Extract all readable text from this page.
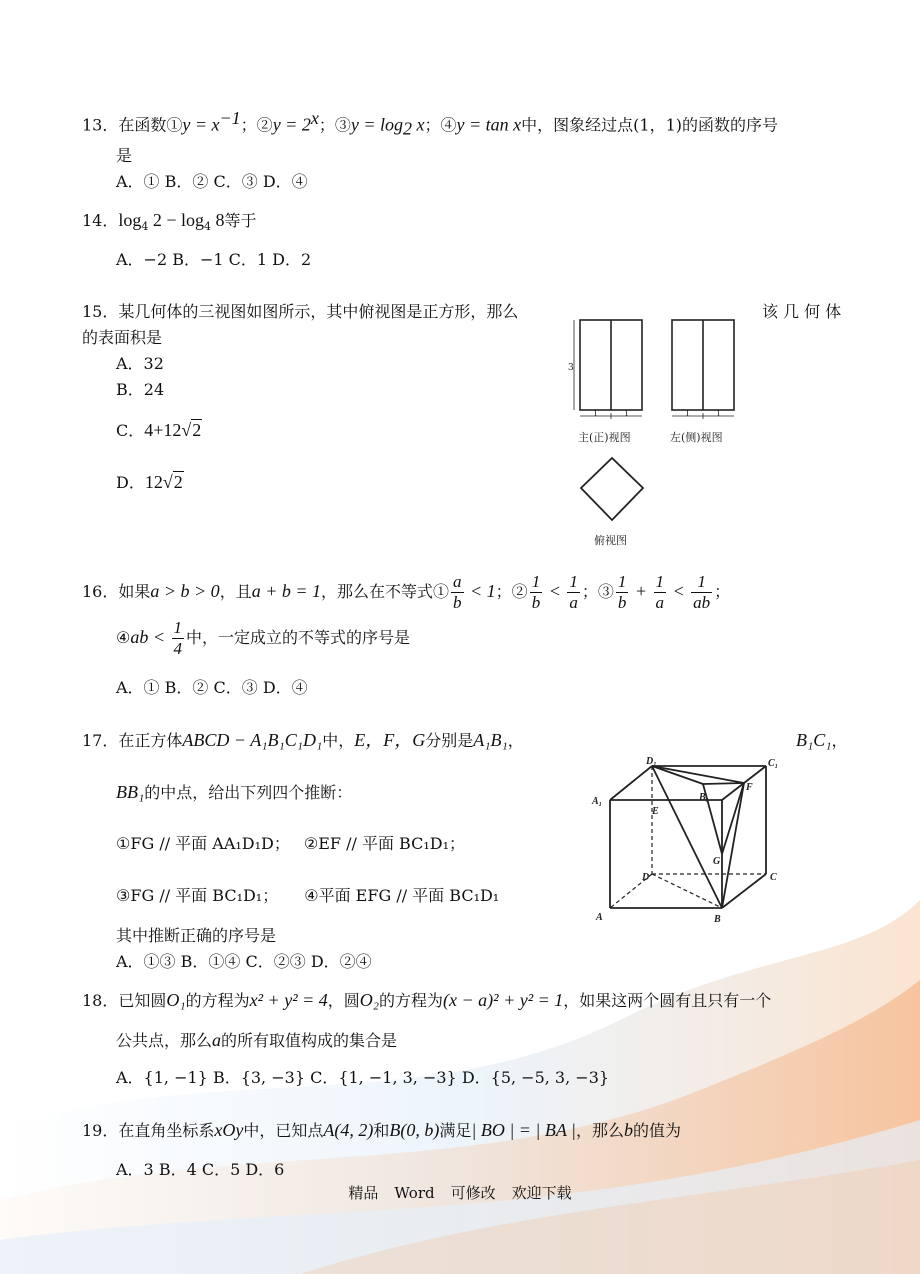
13．在函数①y = $x^{-1}$；②y = $2^x$；③y = $\log_2 x$；④y = tan x中，图象经过点(1，1)的函数的序号
是
A．① B．② C．③ D．④
14．$\log_4 2 - \log_4 8$等于
A．−2 B．−1 C．1 D．2
15．某几何体的三视图如图所示，其中俯视图是正方形，那么	该 几 何 体
的表面积是
A．32
B．24
C．4+12√2
D．12√2
3
1	1
主(正)视图
1	1
左(侧)视图
俯视图
16．如果a > b > 0，且a + b = 1，那么在不等式① $\frac{a}{b} < 1$；② $\frac{1}{b} < \frac{1}{a}$ ；③ $\frac{1}{b} + \frac{1}{a} < \frac{1}{ab}$ ；
④ab < $\frac{1}{4}$ 中，一定成立的不等式的序号是
A．① B．② C．③ D．④
17．在正方体ABCD − A₁B₁C₁D₁中，E，F，G分别是A₁B₁，	B₁C₁，
BB₁的中点，给出下列四个推断：
①FG // 平面 AA₁D₁D； ②EF // 平面 BC₁D₁；
③FG // 平面 BC₁D₁； ④平面 EFG // 平面 BC₁D₁
其中推断正确的序号是
A．①③ B．①④ C．②③ D．②④
D₁	C₁
A₁	B₁
E
F
G
D	C
A	B
18．已知圆O₁的方程为x² + y² = 4，圆O₂的方程为(x − a)² + y² = 1，如果这两个圆有且只有一个
公共点，那么a的所有取值构成的集合是
A．{1, −1} B．{3, −3} C．{1, −1, 3, −3} D．{5, −5, 3, −3}
19．在直角坐标系xOy中，已知点A(4, 2)和B(0, b)满足| BO | = | BA |，那么b的值为
A．3 B．4 C．5 D．6
精品 Word 可修改 欢迎下载
